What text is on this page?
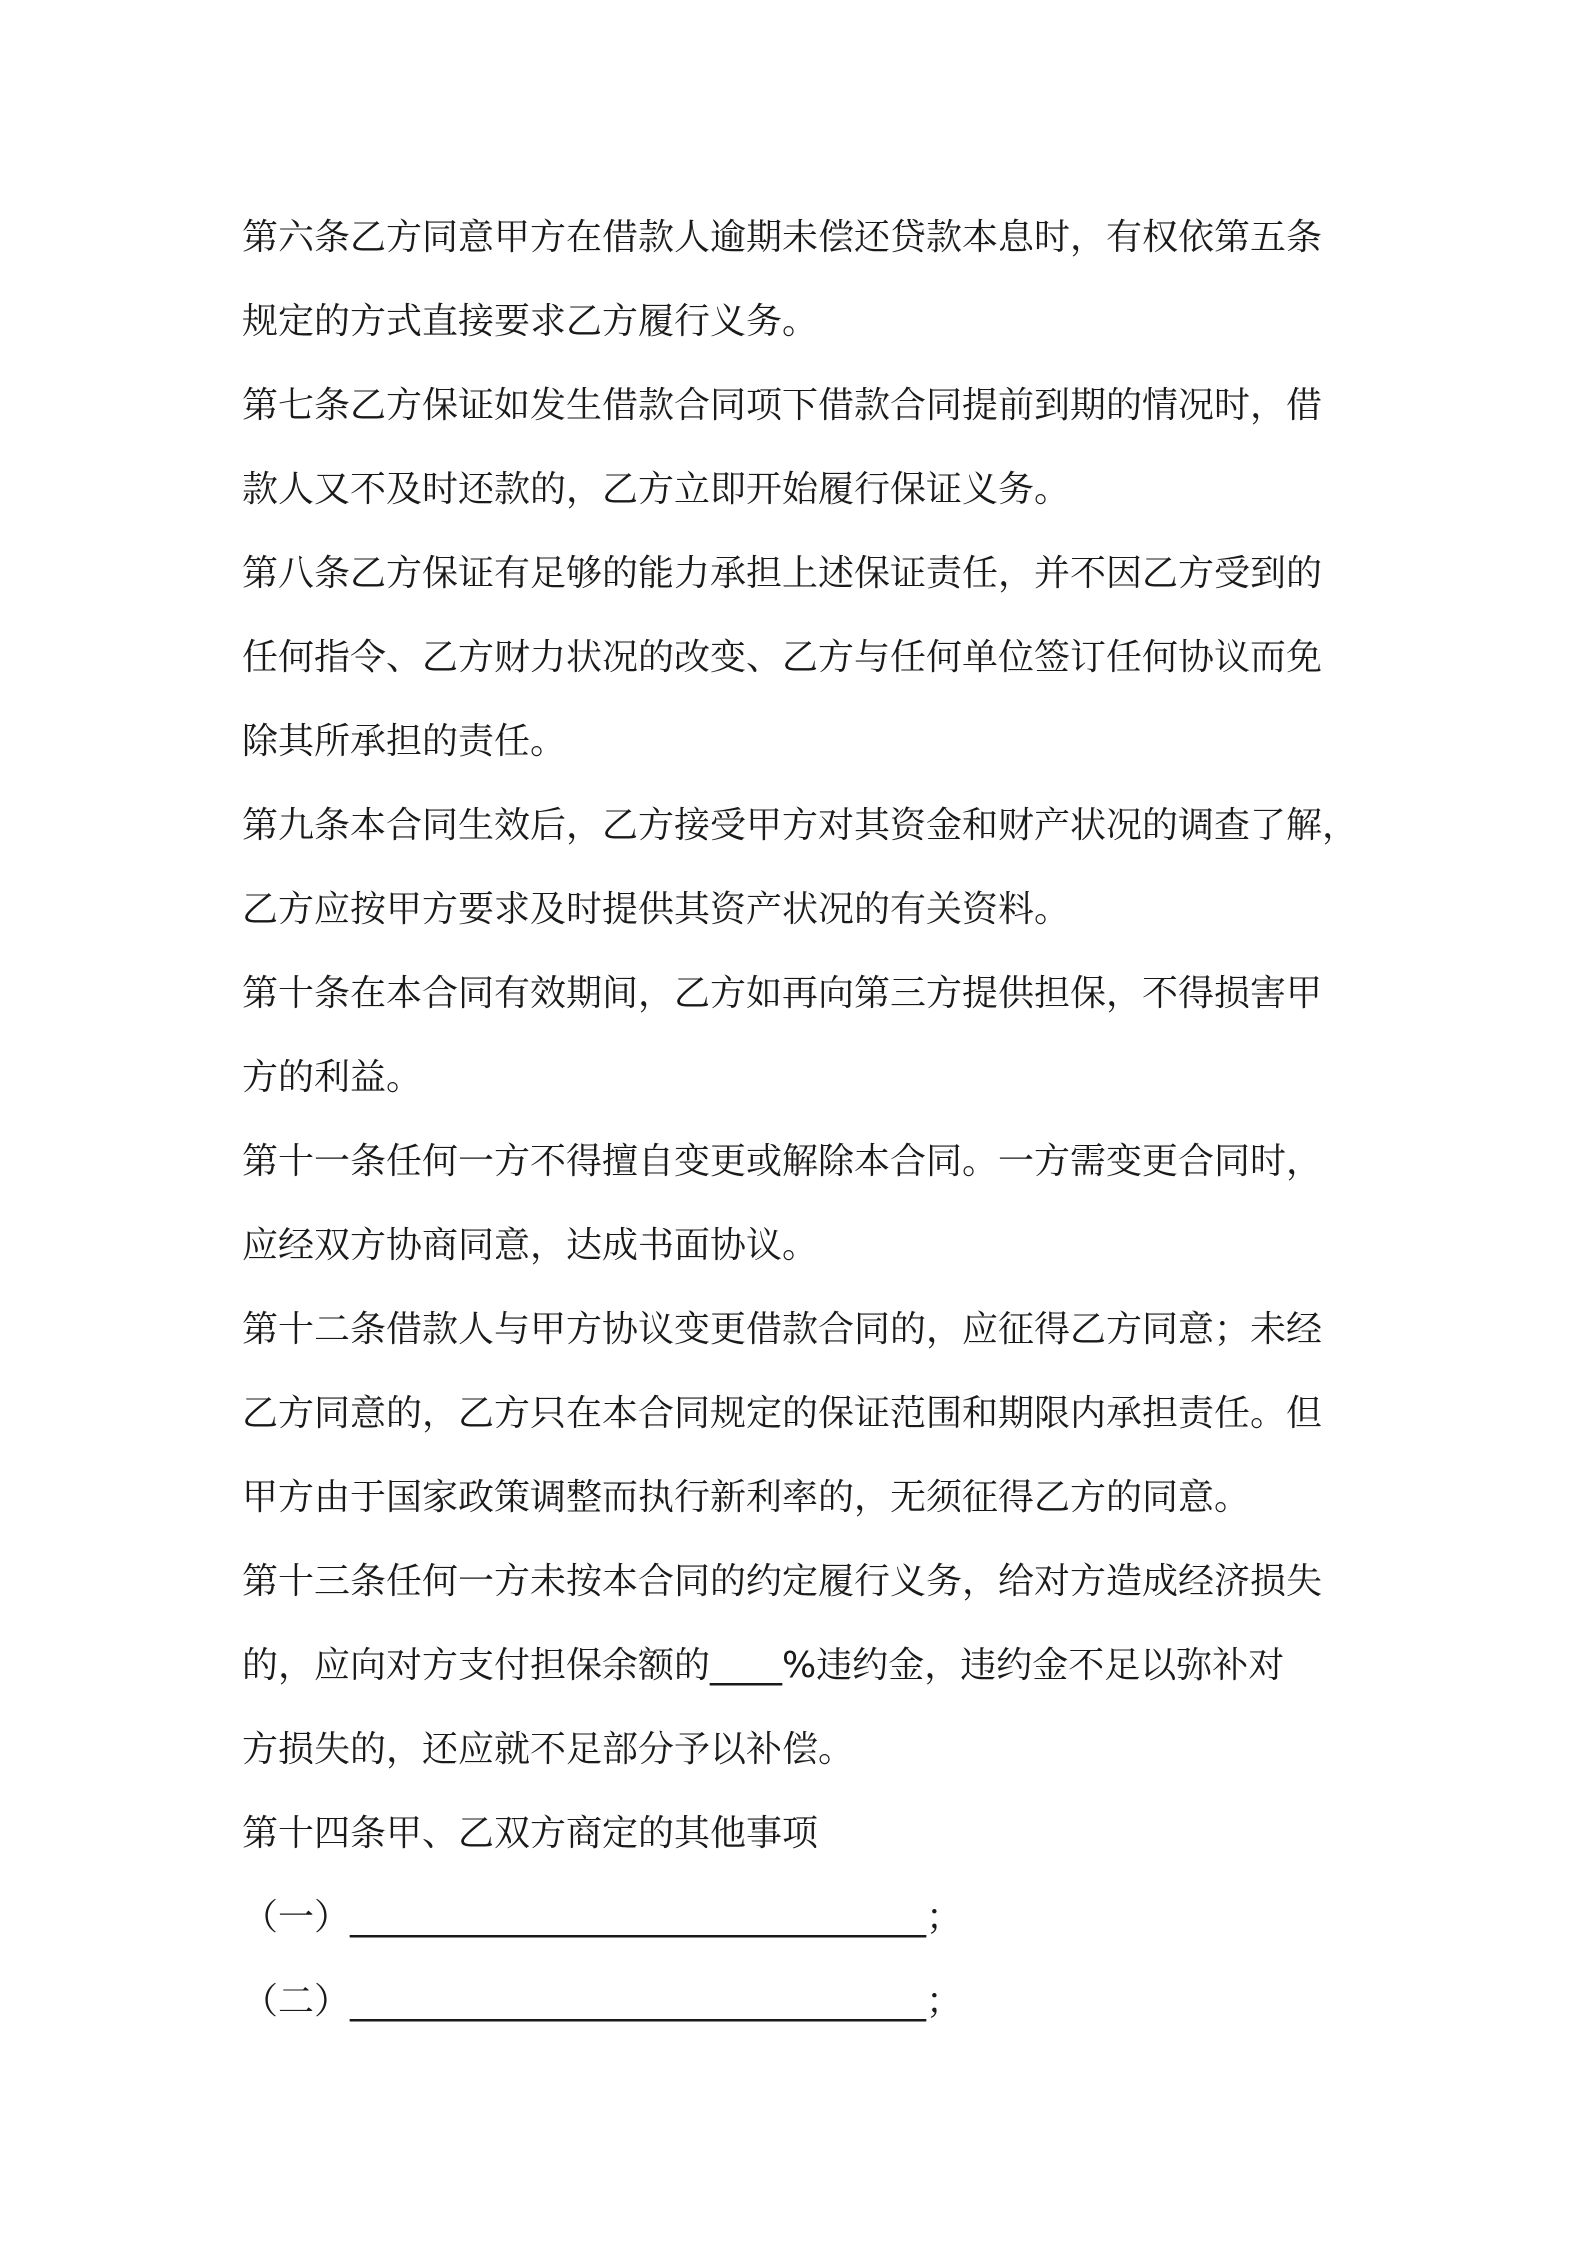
第六条乙方同意甲方在借款人逾期未偿还贷款本息时，有权依第五条
规定的方式直接要求乙方履行义务。
第七条乙方保证如发生借款合同项下借款合同提前到期的情况时，借
款人又不及时还款的，乙方立即开始履行保证义务。
第八条乙方保证有足够的能力承担上述保证责任，并不因乙方受到的
任何指令、乙方财力状况的改变、乙方与任何单位签订任何协议而免
除其所承担的责任。
第九条本合同生效后，乙方接受甲方对其资金和财产状况的调查了解，
乙方应按甲方要求及时提供其资产状况的有关资料。
第十条在本合同有效期间，乙方如再向第三方提供担保，不得损害甲
方的利益。
第十一条任何一方不得擅自变更或解除本合同。一方需变更合同时，
应经双方协商同意，达成书面协议。
第十二条借款人与甲方协议变更借款合同的，应征得乙方同意；未经
乙方同意的，乙方只在本合同规定的保证范围和期限内承担责任。但
甲方由于国家政策调整而执行新利率的，无须征得乙方的同意。
第十三条任何一方未按本合同的约定履行义务，给对方造成经济损失
的，应向对方支付担保余额的____%违约金，违约金不足以弥补对
方损失的，还应就不足部分予以补偿。
第十四条甲、乙双方商定的其他事项
（一）________________________________；
（二）________________________________；
